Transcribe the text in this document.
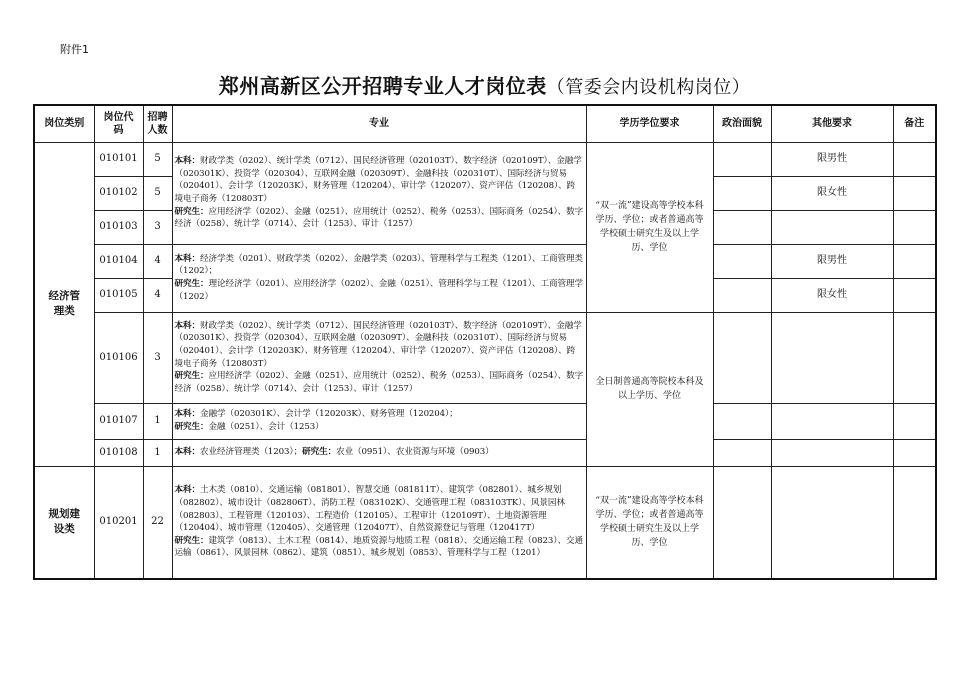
附件1
郑州高新区公开招聘专业人才岗位表（管委会内设机构岗位）
岗位类别	岗位代码	招聘人数	专业	学历学位要求	政治面貌	其他要求	备注
经济管理类	010101	5	本科：财政学类（0202）、统计学类（0712）、国民经济管理（020103T）、数字经济（020109T）、金融学（020301K）、投资学（020304）、互联网金融（020309T）、金融科技（020310T）、国际经济与贸易（020401）、会计学（120203K）、财务管理（120204）、审计学（120207）、资产评估（120208）、跨境电子商务（120803T）
研究生：应用经济学（0202）、金融（0251）、应用统计（0252）、税务（0253）、国际商务（0254）、数字经济（0258）、统计学（0714）、会计（1253）、审计（1257）	“双一流”建设高等学校本科学历、学位；或者普通高等学校硕士研究生及以上学历、学位		限男性	
	010102	5				限女性	
	010103	3					
	010104	4	本科：经济学类（0201）、财政学类（0202）、金融学类（0203）、管理科学与工程类（1201）、工商管理类（1202）；
研究生：理论经济学（0201）、应用经济学（0202）、金融（0251）、管理科学与工程（1201）、工商管理学（1202）			限男性	
	010105	4				限女性	
	010106	3	本科：财政学类（0202）、统计学类（0712）、国民经济管理（020103T）、数字经济（020109T）、金融学（020301K）、投资学（020304）、互联网金融（020309T）、金融科技（020310T）、国际经济与贸易（020401）、会计学（120203K）、财务管理（120204）、审计学（120207）、资产评估（120208）、跨境电子商务（120803T）
研究生：应用经济学（0202）、金融（0251）、应用统计（0252）、税务（0253）、国际商务（0254）、数字经济（0258）、统计学（0714）、会计（1253）、审计（1257）	全日制普通高等院校本科及以上学历、学位			
	010107	1	本科：金融学（020301K）、会计学（120203K）、财务管理（120204）；
研究生：金融（0251）、会计（1253）				
	010108	1	本科：农业经济管理类（1203）；研究生：农业（0951）、农业资源与环境（0903）				
规划建设类	010201	22	本科：土木类（0810）、交通运输（081801）、智慧交通（081811T）、建筑学（082801）、城乡规划（082802）、城市设计（082806T）、消防工程（083102K）、交通管理工程（083103TK）、风景园林（082803）、工程管理（120103）、工程造价（120105）、工程审计（120109T）、土地资源管理（120404）、城市管理（120405）、交通管理（120407T）、自然资源登记与管理（120417T）
研究生：建筑学（0813）、土木工程（0814）、地质资源与地质工程（0818）、交通运输工程（0823）、交通运输（0861）、风景园林（0862）、建筑（0851）、城乡规划（0853）、管理科学与工程（1201）	“双一流”建设高等学校本科学历、学位；或者普通高等学校硕士研究生及以上学历、学位			
